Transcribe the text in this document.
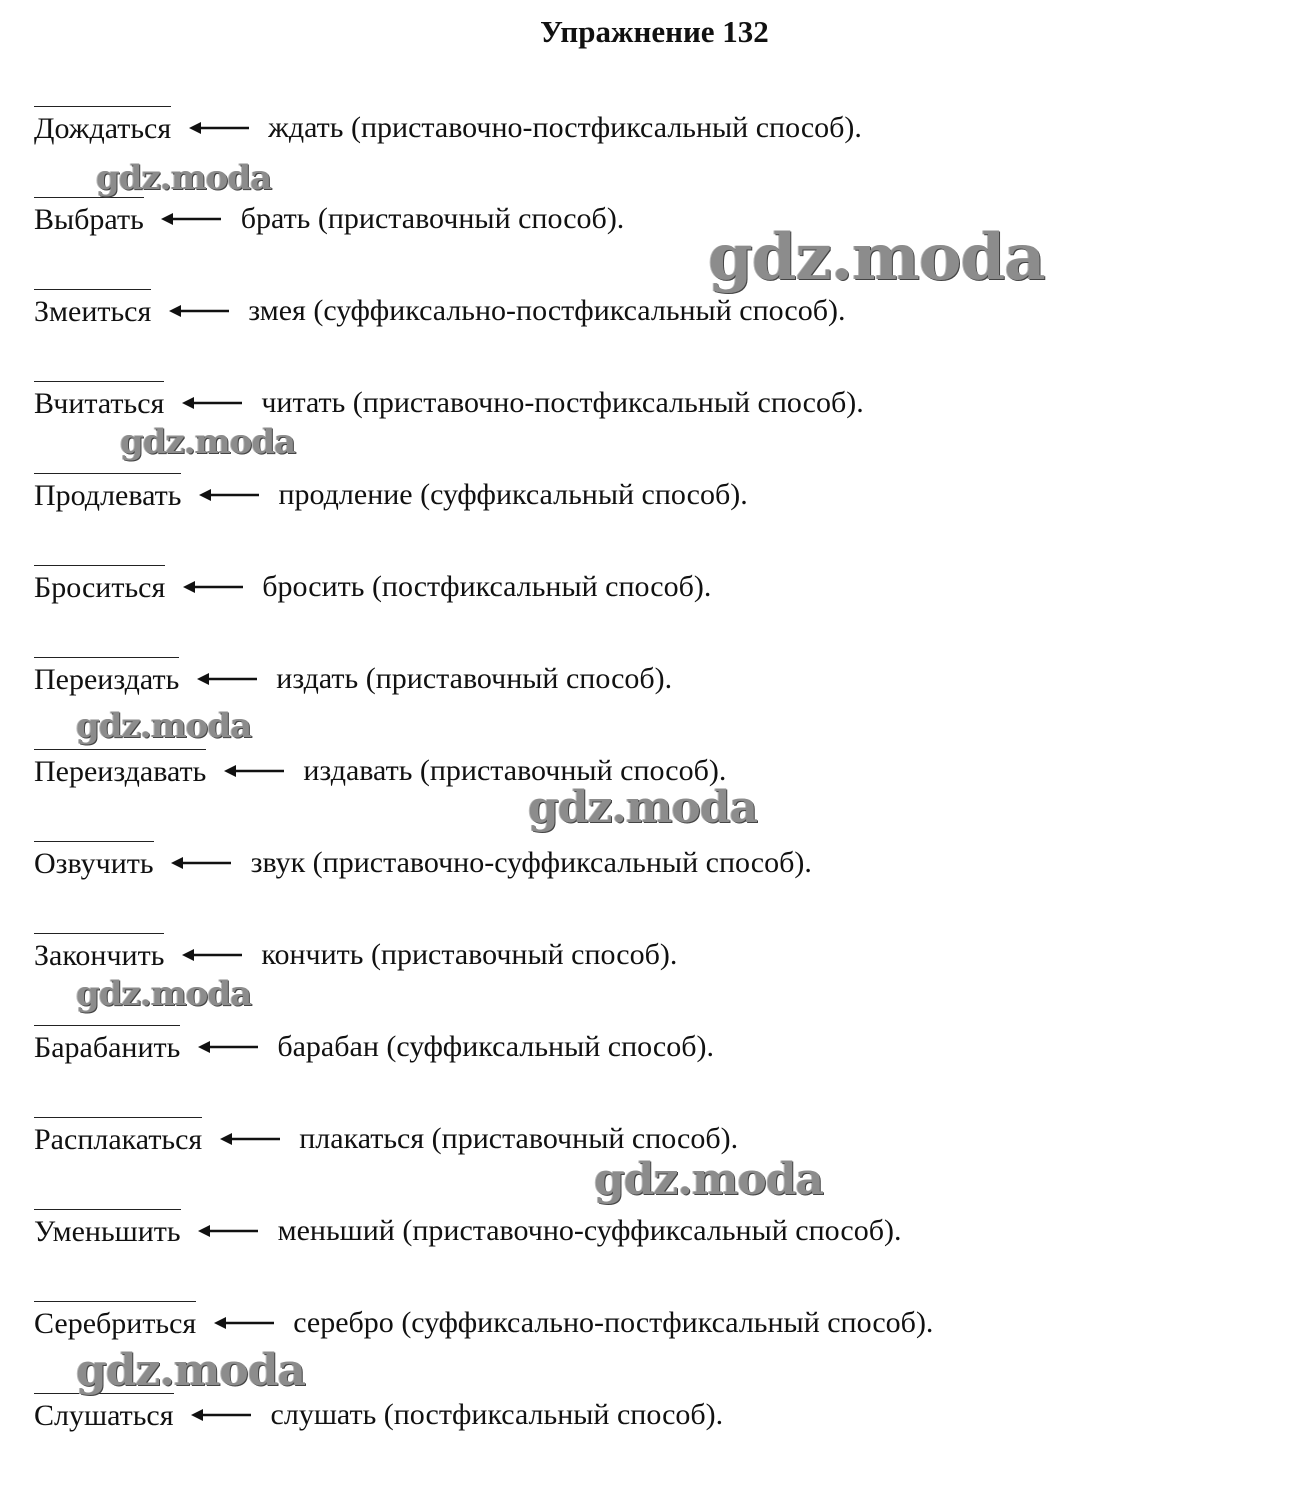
Упражнение 132
Дождаться	ждать (приставочно-постфиксальный способ).
Выбрать	брать (приставочный способ).
Змеиться	змея (суффиксально-постфиксальный способ).
Вчитаться	читать (приставочно-постфиксальный способ).
Продлевать	продление (суффиксальный способ).
Броситься	бросить (постфиксальный способ).
Переиздать	издать (приставочный способ).
Переиздавать	издавать (приставочный способ).
Озвучить	звук (приставочно-суффиксальный способ).
Закончить	кончить (приставочный способ).
Барабанить	барабан (суффиксальный способ).
Расплакаться	плакаться (приставочный способ).
Уменьшить	меньший (приставочно-суффиксальный способ).
Серебриться	серебро (суффиксально-постфиксальный способ).
Слушаться	слушать (постфиксальный способ).
gdz.moda
gdz.moda
gdz.moda
gdz.moda
gdz.moda
gdz.moda
gdz.moda
gdz.moda
